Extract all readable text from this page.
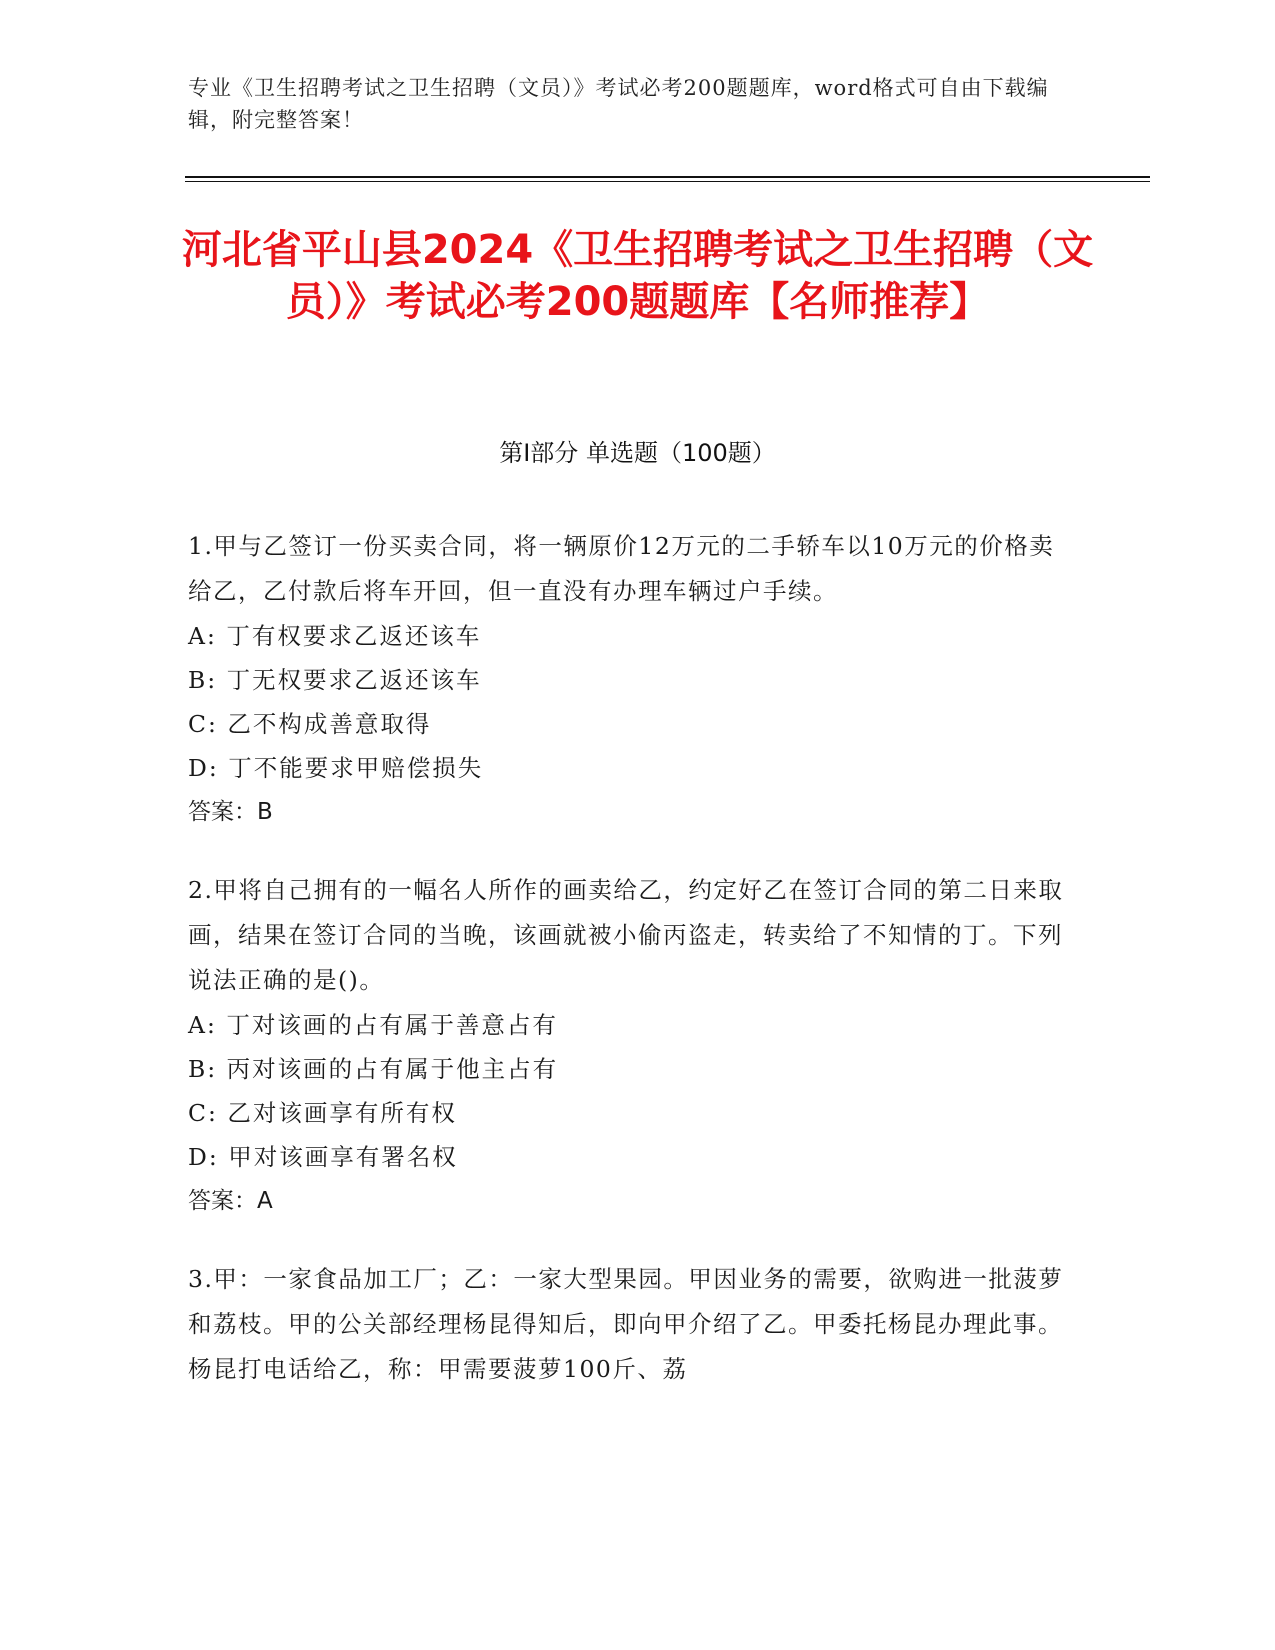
专业《卫生招聘考试之卫生招聘（文员）》考试必考200题题库，word格式可自由下载编辑，附完整答案！
河北省平山县2024《卫生招聘考试之卫生招聘（文员）》考试必考200题题库【名师推荐】
第Ⅰ部分 单选题（100题）

1.甲与乙签订一份买卖合同，将一辆原价12万元的二手轿车以10万元的价格卖给乙，乙付款后将车开回，但一直没有办理车辆过户手续。

A: 丁有权要求乙返还该车

B: 丁无权要求乙返还该车

C: 乙不构成善意取得

D: 丁不能要求甲赔偿损失

答案：B

2.甲将自己拥有的一幅名人所作的画卖给乙，约定好乙在签订合同的第二日来取画，结果在签订合同的当晚，该画就被小偷丙盗走，转卖给了不知情的丁。下列说法正确的是()。

A: 丁对该画的占有属于善意占有

B: 丙对该画的占有属于他主占有

C: 乙对该画享有所有权

D: 甲对该画享有署名权

答案：A

3.甲：一家食品加工厂；乙：一家大型果园。甲因业务的需要，欲购进一批菠萝和荔枝。甲的公关部经理杨昆得知后，即向甲介绍了乙。甲委托杨昆办理此事。杨昆打电话给乙，称：甲需要菠萝100斤、荔
